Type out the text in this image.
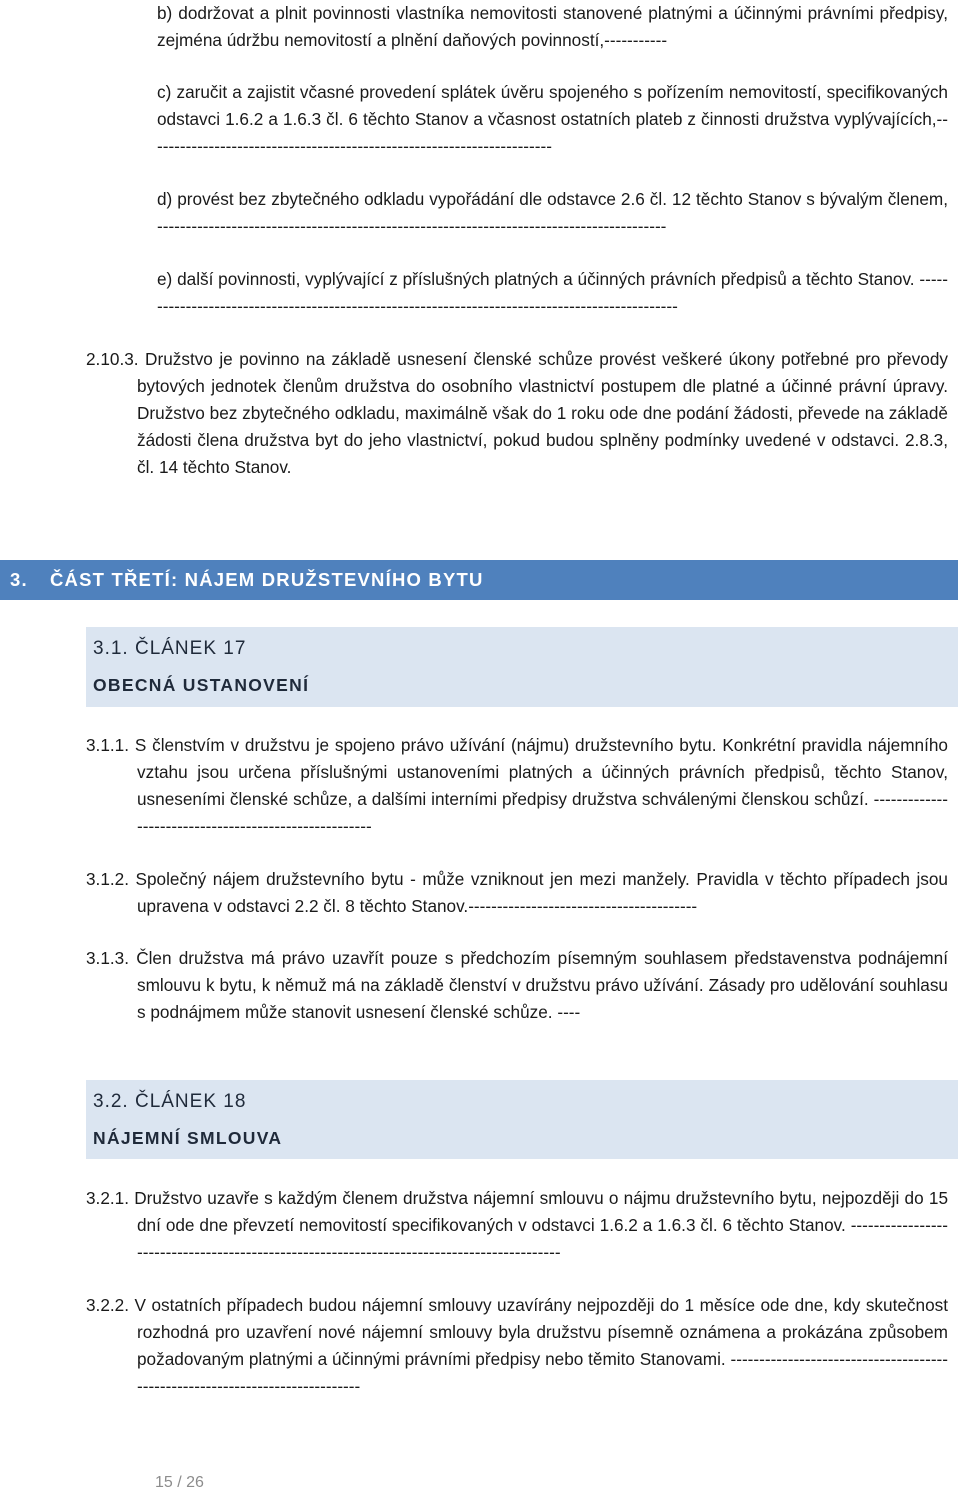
b) dodržovat a plnit povinnosti vlastníka nemovitosti stanovené platnými a účinnými právními předpisy, zejména údržbu nemovitostí a plnění daňových povinností,-----------

c) zaručit a zajistit včasné provedení splátek úvěru spojeného s pořízením nemovitostí, specifikovaných odstavci 1.6.2 a 1.6.3 čl. 6 těchto Stanov a včasnost ostatních plateb z činnosti družstva vyplývajících,-----------------------------------------------------------------------

d) provést bez zbytečného odkladu vypořádání dle odstavce 2.6 čl. 12 těchto Stanov s bývalým členem, -----------------------------------------------------------------------------------------

e) další povinnosti, vyplývající z příslušných platných a účinných právních předpisů a těchto Stanov. ------------------------------------------------------------------------------------------------

2.10.3. Družstvo je povinno na základě usnesení členské schůze provést veškeré úkony potřebné pro převody bytových jednotek členům družstva do osobního vlastnictví postupem dle platné a účinné právní úpravy. Družstvo bez zbytečného odkladu, maximálně však do 1 roku ode dne podání žádosti, převede na základě žádosti člena družstva byt do jeho vlastnictví, pokud budou splněny podmínky uvedené v odstavci. 2.8.3, čl. 14 těchto Stanov.

3. ČÁST TŘETÍ: NÁJEM DRUŽSTEVNÍHO BYTU
3.1. ČLÁNEK 17
OBECNÁ USTANOVENÍ

3.1.1. S členstvím v družstvu je spojeno právo užívání (nájmu) družstevního bytu. Konkrétní pravidla nájemního vztahu jsou určena příslušnými ustanoveními platných a účinných právních předpisů, těchto Stanov, usneseními členské schůze, a dalšími interními předpisy družstva schválenými členskou schůzí. ------------------------------------------------------

3.1.2. Společný nájem družstevního bytu - může vzniknout jen mezi manžely. Pravidla v těchto případech jsou upravena v odstavci 2.2 čl. 8 těchto Stanov.----------------------------------------

3.1.3. Člen družstva má právo uzavřít pouze s předchozím písemným souhlasem představenstva podnájemní smlouvu k bytu, k němuž má na základě členství v družstvu právo užívání. Zásady pro udělování souhlasu s podnájmem může stanovit usnesení členské schůze. ----

3.2. ČLÁNEK 18
NÁJEMNÍ SMLOUVA

3.2.1. Družstvo uzavře s každým členem družstva nájemní smlouvu o nájmu družstevního bytu, nejpozději do 15 dní ode dne převzetí nemovitostí specifikovaných v odstavci 1.6.2 a 1.6.3 čl. 6 těchto Stanov. -------------------------------------------------------------------------------------------

3.2.2. V ostatních případech budou nájemní smlouvy uzavírány nejpozději do 1 měsíce ode dne, kdy skutečnost rozhodná pro uzavření nové nájemní smlouvy byla družstvu písemně oznámena a prokázána způsobem požadovaným platnými a účinnými právními předpisy nebo těmito Stanovami. -----------------------------------------------------------------------------

15 / 26
